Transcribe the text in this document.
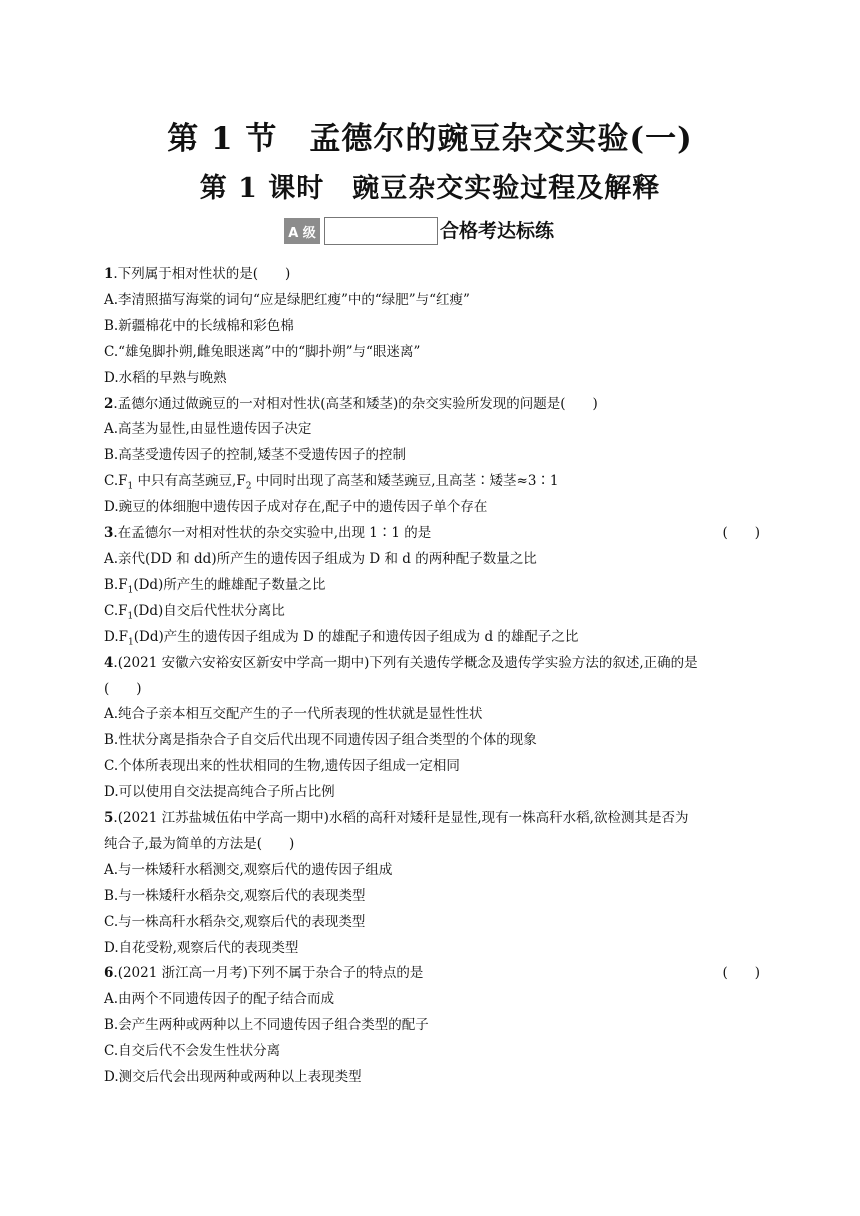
第 1 节　孟德尔的豌豆杂交实验(一)
第 1 课时　豌豆杂交实验过程及解释
A 级	合格考达标练
1.下列属于相对性状的是(　　)
A.李清照描写海棠的词句“应是绿肥红瘦”中的“绿肥”与“红瘦”
B.新疆棉花中的长绒棉和彩色棉
C.“雄兔脚扑朔,雌兔眼迷离”中的“脚扑朔”与“眼迷离”
D.水稻的早熟与晚熟
2.孟德尔通过做豌豆的一对相对性状(高茎和矮茎)的杂交实验所发现的问题是(　　)
A.高茎为显性,由显性遗传因子决定
B.高茎受遗传因子的控制,矮茎不受遗传因子的控制
$C.F_1$ 中只有高茎豌豆$,F_2$ 中同时出现了高茎和矮茎豌豆,且高茎∶矮茎≈3∶1
D.豌豆的体细胞中遗传因子成对存在,配子中的遗传因子单个存在
3.在孟德尔一对相对性状的杂交实验中,出现 1∶1 的是	(　　)
A.亲代(DD 和 dd)所产生的遗传因子组成为 D 和 d 的两种配子数量之比
$B.F_1(Dd)$所产生的雌雄配子数量之比
$C.F_1(Dd)$自交后代性状分离比
$D.F_1(Dd)$产生的遗传因子组成为 D 的雄配子和遗传因子组成为 d 的雄配子之比
4.(2021 安徽六安裕安区新安中学高一期中)下列有关遗传学概念及遗传学实验方法的叙述,正确的是
(　　)
A.纯合子亲本相互交配产生的子一代所表现的性状就是显性性状
B.性状分离是指杂合子自交后代出现不同遗传因子组合类型的个体的现象
C.个体所表现出来的性状相同的生物,遗传因子组成一定相同
D.可以使用自交法提高纯合子所占比例
5.(2021 江苏盐城伍佑中学高一期中)水稻的高秆对矮秆是显性,现有一株高秆水稻,欲检测其是否为
纯合子,最为简单的方法是(　　)
A.与一株矮秆水稻测交,观察后代的遗传因子组成
B.与一株矮秆水稻杂交,观察后代的表现类型
C.与一株高秆水稻杂交,观察后代的表现类型
D.自花受粉,观察后代的表现类型
6.(2021 浙江高一月考)下列不属于杂合子的特点的是	(　　)
A.由两个不同遗传因子的配子结合而成
B.会产生两种或两种以上不同遗传因子组合类型的配子
C.自交后代不会发生性状分离
D.测交后代会出现两种或两种以上表现类型
